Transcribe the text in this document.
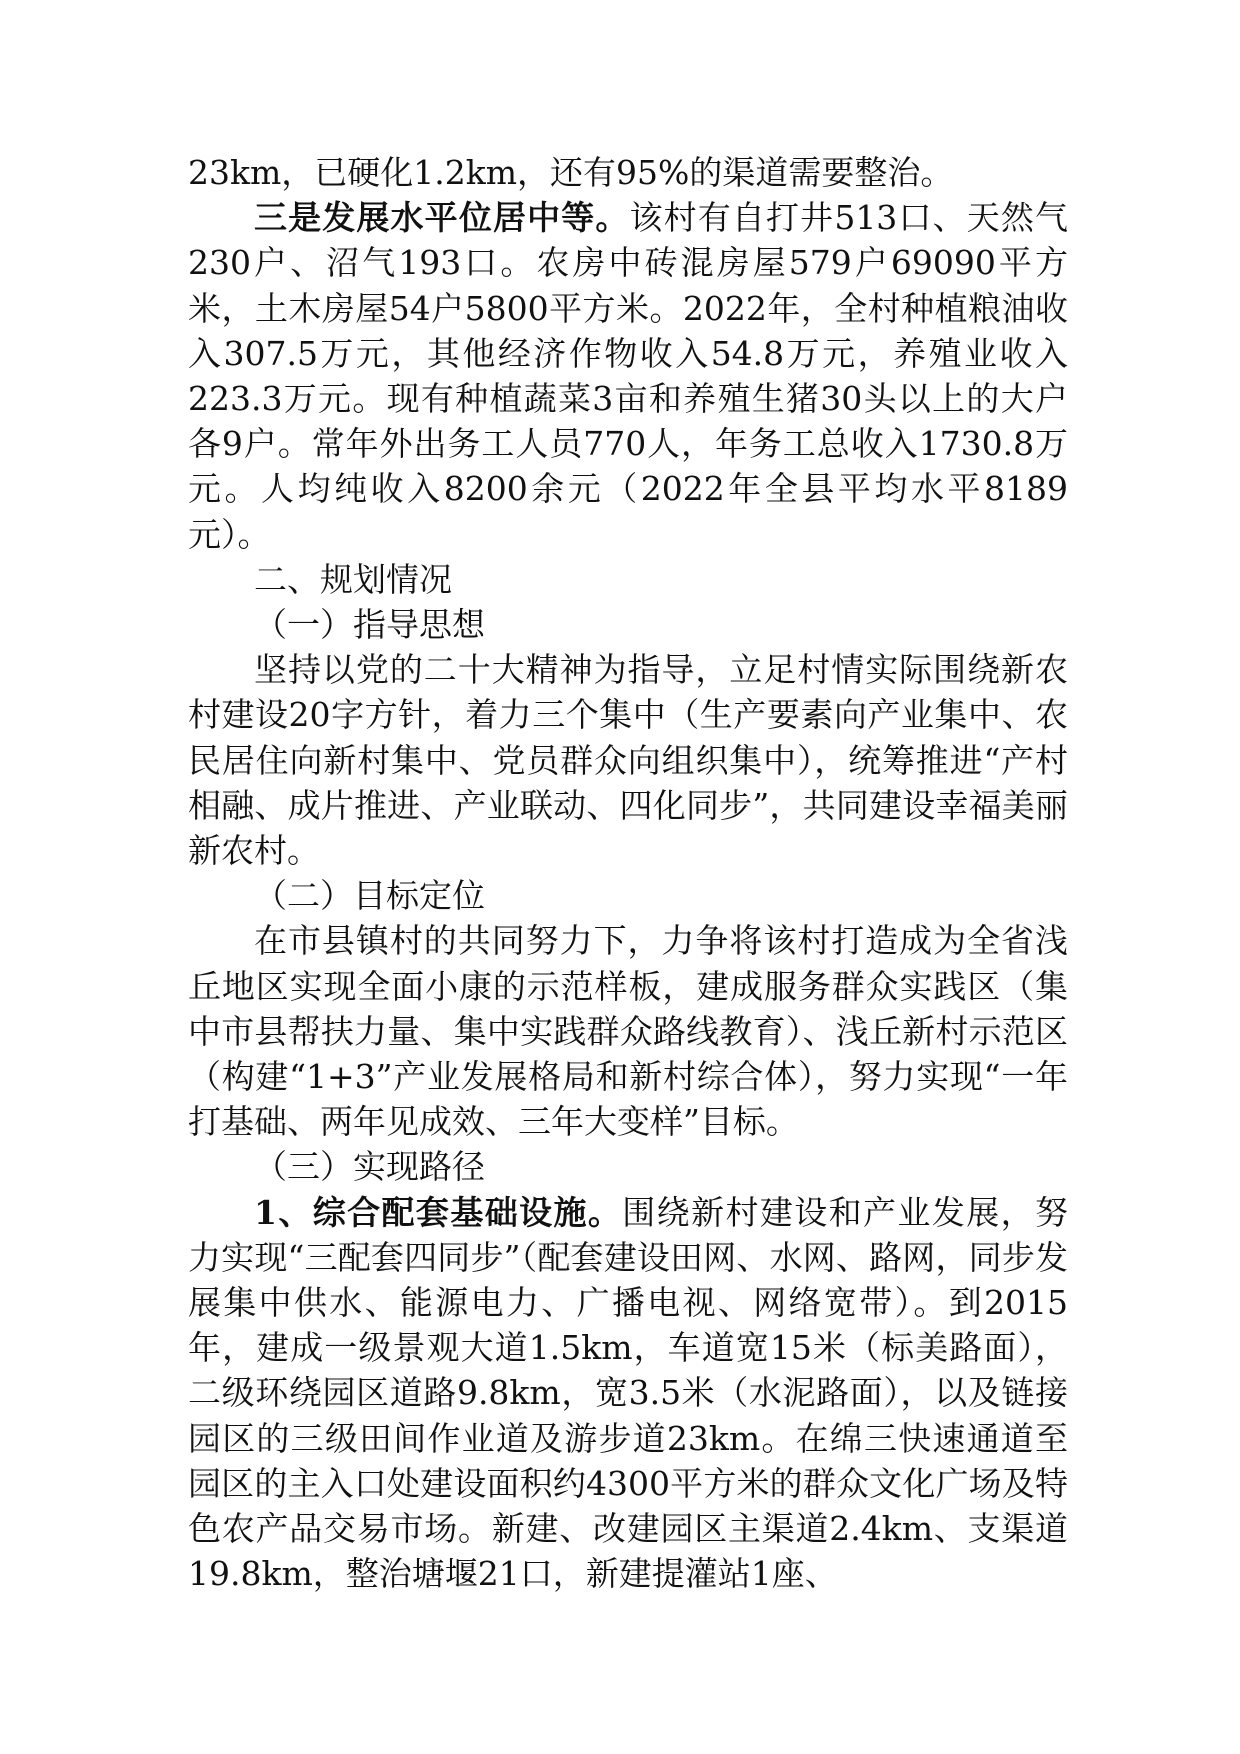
23km，已硬化1.2km，还有95%的渠道需要整治。

三是发展水平位居中等。该村有自打井513口、天然气230户、沼气193口。农房中砖混房屋579户69090平方米，土木房屋54户5800平方米。2022年，全村种植粮油收入307.5万元，其他经济作物收入54.8万元，养殖业收入223.3万元。现有种植蔬菜3亩和养殖生猪30头以上的大户各9户。常年外出务工人员770人，年务工总收入1730.8万元。人均纯收入8200余元（2022年全县平均水平8189元）。

二、规划情况

（一）指导思想

坚持以党的二十大精神为指导，立足村情实际围绕新农村建设20字方针，着力三个集中（生产要素向产业集中、农民居住向新村集中、党员群众向组织集中），统筹推进“产村相融、成片推进、产业联动、四化同步”，共同建设幸福美丽新农村。

（二）目标定位

在市县镇村的共同努力下，力争将该村打造成为全省浅丘地区实现全面小康的示范样板，建成服务群众实践区（集中市县帮扶力量、集中实践群众路线教育）、浅丘新村示范区（构建“1+3”产业发展格局和新村综合体），努力实现“一年打基础、两年见成效、三年大变样”目标。

（三）实现路径

1、综合配套基础设施。围绕新村建设和产业发展，努力实现“三配套四同步”（配套建设田网、水网、路网，同步发展集中供水、能源电力、广播电视、网络宽带）。到2015年，建成一级景观大道1.5km，车道宽15米（标美路面），二级环绕园区道路9.8km，宽3.5米（水泥路面），以及链接园区的三级田间作业道及游步道23km。在绵三快速通道至园区的主入口处建设面积约4300平方米的群众文化广场及特色农产品交易市场。新建、改建园区主渠道2.4km、支渠道19.8km，整治塘堰21口，新建提灌站1座、
